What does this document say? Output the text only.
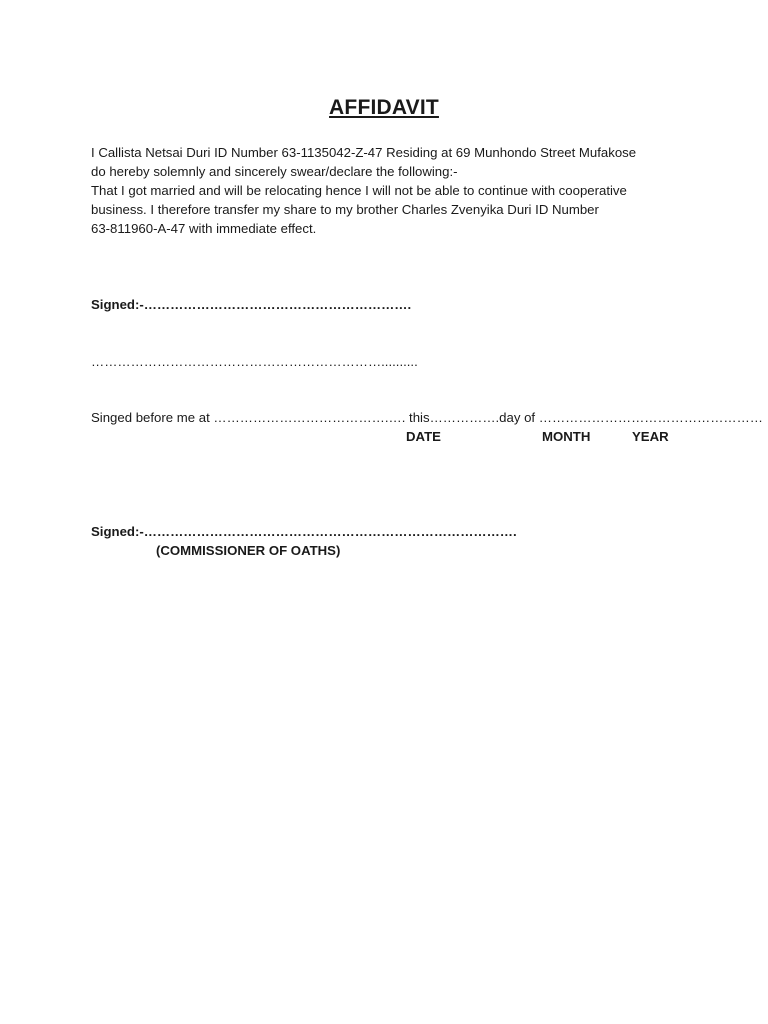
AFFIDAVIT
I Callista Netsai Duri ID Number 63-1135042-Z-47 Residing at 69 Munhondo Street Mufakose
do hereby solemnly and sincerely swear/declare the following:-
That I got married and will be relocating hence I will not be able to continue with cooperative
business. I therefore transfer my share to my brother Charles Zvenyika Duri ID Number
63-811960-A-47 with immediate effect.
Signed:-…………………………………………………….
…………………………………………………………..........
Singed before me at ………………………………….…. this…………….day of ……………………………………………
DATE	MONTH	YEAR
Signed:-………………………………………………………………………….
(COMMISSIONER OF OATHS)
